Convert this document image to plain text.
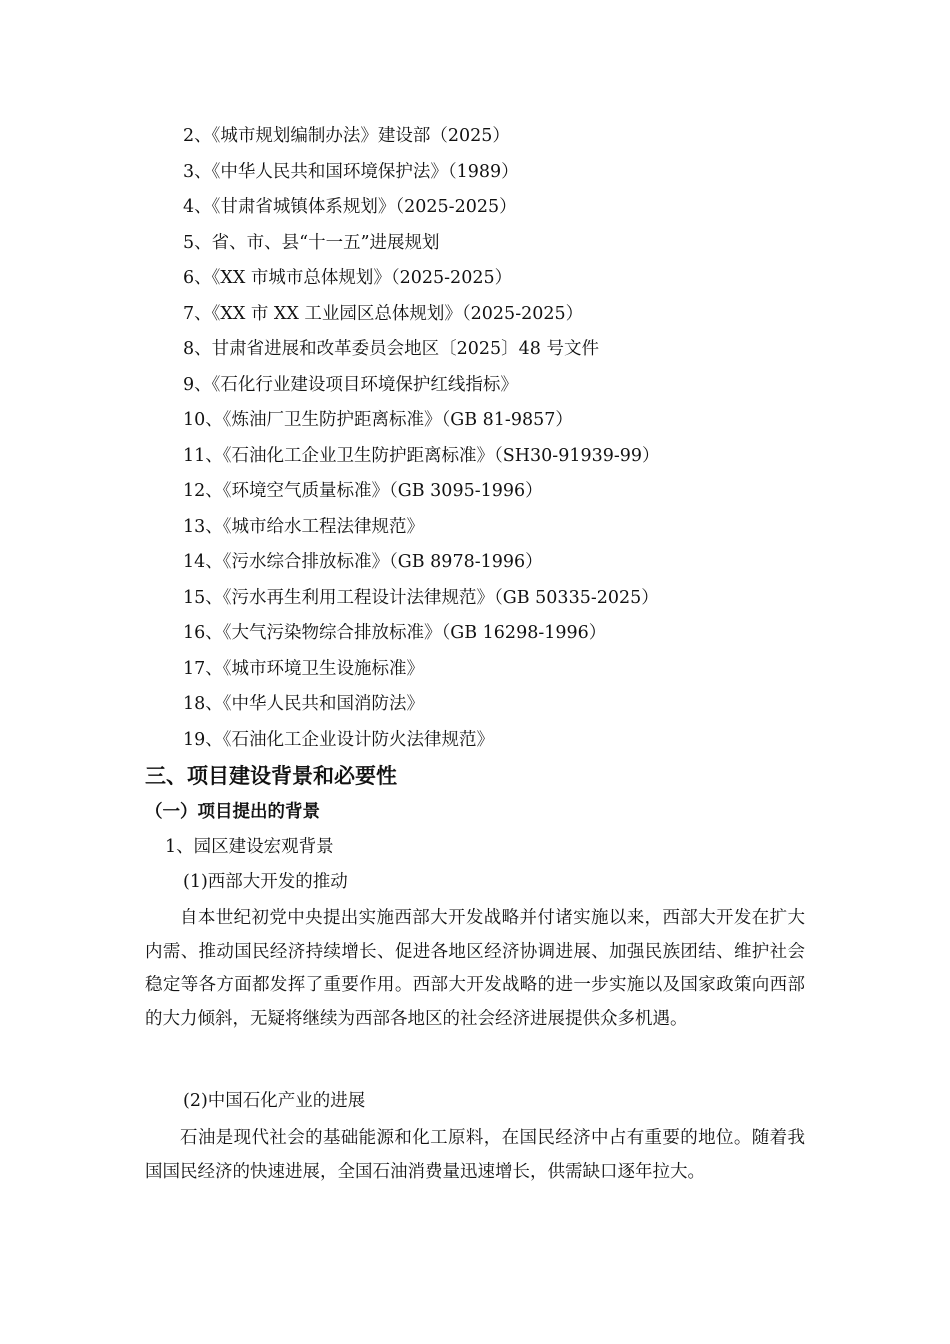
2、《城市规划编制办法》建设部（2025）
3、《中华人民共和国环境保护法》（1989）
4、《甘肃省城镇体系规划》（2025-2025）
5、省、市、县“十一五”进展规划
6、《XX 市城市总体规划》（2025-2025）
7、《XX 市 XX 工业园区总体规划》（2025-2025）
8、甘肃省进展和改革委员会地区〔2025〕48 号文件
9、《石化行业建设项目环境保护红线指标》
10、《炼油厂卫生防护距离标准》（GB 81-9857）
11、《石油化工企业卫生防护距离标准》（SH30-91939-99）
12、《环境空气质量标准》（GB 3095-1996）
13、《城市给水工程法律规范》
14、《污水综合排放标准》（GB 8978-1996）
15、《污水再生利用工程设计法律规范》（GB 50335-2025）
16、《大气污染物综合排放标准》（GB 16298-1996）
17、《城市环境卫生设施标准》
18、《中华人民共和国消防法》
19、《石油化工企业设计防火法律规范》
三、项目建设背景和必要性
（一）项目提出的背景
1、园区建设宏观背景
(1)西部大开发的推动

自本世纪初党中央提出实施西部大开发战略并付诸实施以来，西部大开发在扩大内需、推动国民经济持续增长、促进各地区经济协调进展、加强民族团结、维护社会稳定等各方面都发挥了重要作用。西部大开发战略的进一步实施以及国家政策向西部的大力倾斜，无疑将继续为西部各地区的社会经济进展提供众多机遇。

(2)中国石化产业的进展

石油是现代社会的基础能源和化工原料，在国民经济中占有重要的地位。随着我国国民经济的快速进展，全国石油消费量迅速增长，供需缺口逐年拉大。
